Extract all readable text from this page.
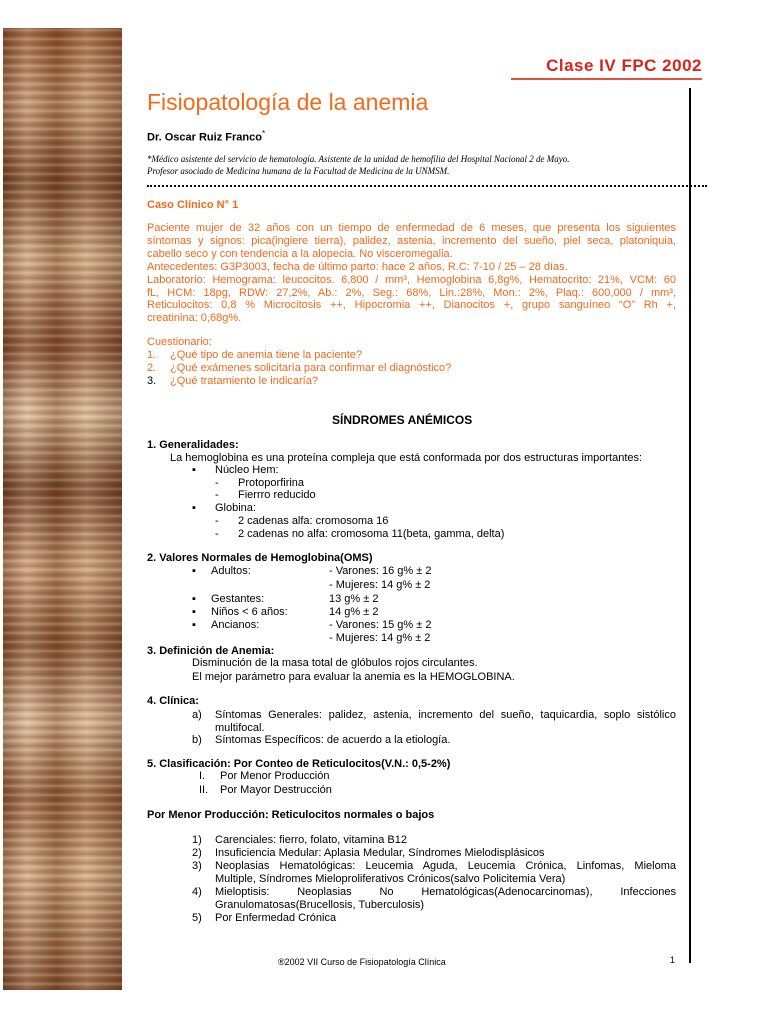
Clase IV FPC 2002
Fisiopatología de la anemia
Dr. Oscar Ruiz Franco*
*Médico asistente del servicio de hematología. Asistente de la unidad de hemofilia del Hospital Nacional 2 de Mayo.
Profesor asociado de Medicina humana de la Facultad de Medicina de la UNMSM.
Caso Clínico N° 1
Paciente mujer de 32 años con un tiempo de enfermedad de 6 meses, que presenta los siguientes
síntomas y signos: pica(ingiere tierra), palidez, astenia, incremento del sueño, piel seca, platoniquia,
cabello seco y con tendencia a la alopecia. No visceromegalia.
Antecedentes: G3P3003, fecha de último parto: hace 2 años, R.C: 7-10 / 25 – 28 días.
Laboratorio: Hemograma: leucocitos. 6,800 / mm³, Hemoglobina 6,8g%, Hematocrito: 21%, VCM: 60
fL, HCM: 18pg, RDW: 27,2%, Ab.: 2%, Seg.: 68%, Lin.:28%, Mon.: 2%, Plaq.: 600,000 / mm³,
Reticulocitos: 0,8 % Microcitosis ++, Hipocromia ++, Dianocitos +, grupo sanguíneo “O” Rh +,
creatinina: 0,68g%.
Cuestionario:
1. ¿Qué tipo de anemia tiene la paciente?
2. ¿Qué exámenes solicitaría para confirmar el diagnóstico?
3. ¿Qué tratamiento le indicaría?
SÍNDROMES ANÉMICOS
1. Generalidades:
La hemoglobina es una proteína compleja que está conformada por dos estructuras importantes:
▪ Núcleo Hem:
- Protoporfirina
- Fierrro reducido
▪ Globina:
- 2 cadenas alfa: cromosoma 16
- 2 cadenas no alfa: cromosoma 11(beta, gamma, delta)
2. Valores Normales de Hemoglobina(OMS)
▪ Adultos:	- Varones: 16 g% ± 2
- Mujeres: 14 g% ± 2
▪ Gestantes:	13 g% ± 2
▪ Niños < 6 años:	14 g% ± 2
▪ Ancianos:	- Varones: 15 g% ± 2
- Mujeres: 14 g% ± 2
3. Definición de Anemia:
Disminución de la masa total de glóbulos rojos circulantes.
El mejor parámetro para evaluar la anemia es la HEMOGLOBINA.
4. Clínica:
a) Síntomas Generales: palidez, astenia, incremento del sueño, taquicardia, soplo sistólico
multifocal.
b) Síntomas Específicos: de acuerdo a la etiología.
5. Clasificación: Por Conteo de Reticulocitos(V.N.: 0,5-2%)
I. Por Menor Producción
II. Por Mayor Destrucción
Por Menor Producción: Reticulocitos normales o bajos
1) Carenciales: fierro, folato, vitamina B12
2) Insuficiencia Medular: Aplasia Medular, Síndromes Mielodisplásicos
3) Neoplasias Hematológicas: Leucemia Aguda, Leucemia Crónica, Linfomas, Mieloma
Multiple, Síndromes Mieloproliferativos Crónicos(salvo Policitemia Vera)
4) Mieloptisis: Neoplasias No Hematológicas(Adenocarcinomas), Infecciones
Granulomatosas(Brucellosis, Tuberculosis)
5) Por Enfermedad Crónica
®2002 VII Curso de Fisiopatología Clínica	1
